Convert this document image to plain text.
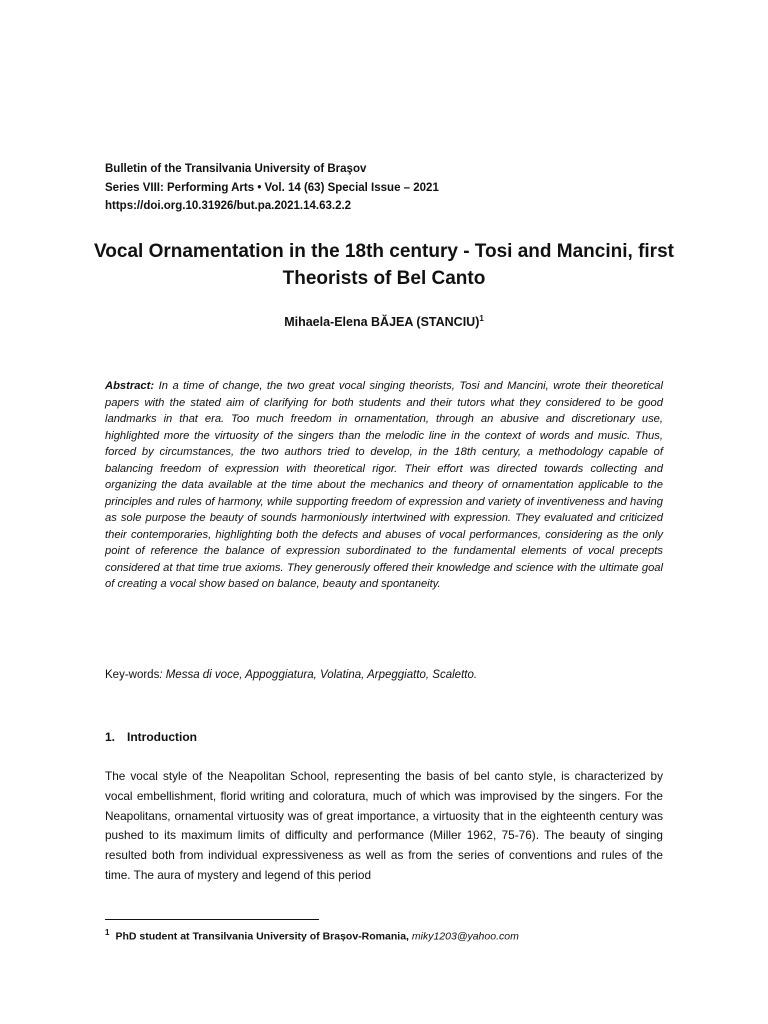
Bulletin of the Transilvania University of Braşov
Series VIII: Performing Arts • Vol. 14 (63) Special Issue – 2021
https://doi.org.10.31926/but.pa.2021.14.63.2.2
Vocal Ornamentation in the 18th century - Tosi and Mancini, first Theorists of Bel Canto
Mihaela-Elena BĂJEA (STANCIU)$^1$
Abstract: In a time of change, the two great vocal singing theorists, Tosi and Mancini, wrote their theoretical papers with the stated aim of clarifying for both students and their tutors what they considered to be good landmarks in that era. Too much freedom in ornamentation, through an abusive and discretionary use, highlighted more the virtuosity of the singers than the melodic line in the context of words and music. Thus, forced by circumstances, the two authors tried to develop, in the 18th century, a methodology capable of balancing freedom of expression with theoretical rigor. Their effort was directed towards collecting and organizing the data available at the time about the mechanics and theory of ornamentation applicable to the principles and rules of harmony, while supporting freedom of expression and variety of inventiveness and having as sole purpose the beauty of sounds harmoniously intertwined with expression. They evaluated and criticized their contemporaries, highlighting both the defects and abuses of vocal performances, considering as the only point of reference the balance of expression subordinated to the fundamental elements of vocal precepts considered at that time true axioms. They generously offered their knowledge and science with the ultimate goal of creating a vocal show based on balance, beauty and spontaneity.
Key-words: Messa di voce, Appoggiatura, Volatina, Arpeggiatto, Scaletto.
1. Introduction
The vocal style of the Neapolitan School, representing the basis of bel canto style, is characterized by vocal embellishment, florid writing and coloratura, much of which was improvised by the singers. For the Neapolitans, ornamental virtuosity was of great importance, a virtuosity that in the eighteenth century was pushed to its maximum limits of difficulty and performance (Miller 1962, 75-76). The beauty of singing resulted both from individual expressiveness as well as from the series of conventions and rules of the time. The aura of mystery and legend of this period
$^1$ PhD student at Transilvania University of Brașov-Romania, miky1203@yahoo.com
